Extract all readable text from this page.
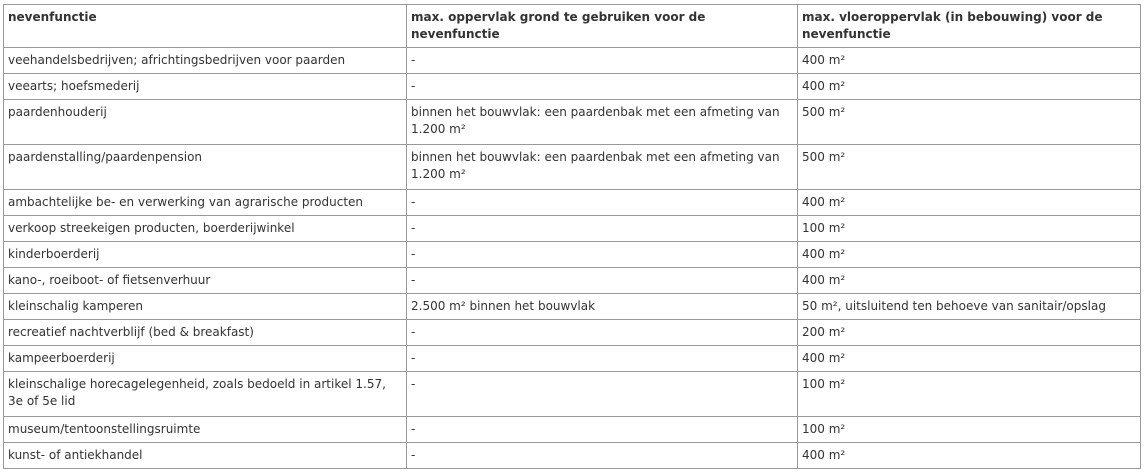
nevenfunctie	max. oppervlak grond te gebruiken voor de nevenfunctie	max. vloeroppervlak (in bebouwing) voor de nevenfunctie
veehandelsbedrijven; africhtingsbedrijven voor paarden	-	400 m²
veearts; hoefsmederij	-	400 m²
paardenhouderij	binnen het bouwvlak: een paardenbak met een afmeting van 1.200 m²	500 m²
paardenstalling/paardenpension	binnen het bouwvlak: een paardenbak met een afmeting van 1.200 m²	500 m²
ambachtelijke be- en verwerking van agrarische producten	-	400 m²
verkoop streekeigen producten, boerderijwinkel	-	100 m²
kinderboerderij	-	400 m²
kano-, roeiboot- of fietsenverhuur	-	400 m²
kleinschalig kamperen	2.500 m² binnen het bouwvlak	50 m², uitsluitend ten behoeve van sanitair/opslag
recreatief nachtverblijf (bed & breakfast)	-	200 m²
kampeerboerderij	-	400 m²
kleinschalige horecagelegenheid, zoals bedoeld in artikel 1.57, 3e of 5e lid	-	100 m²
museum/tentoonstellingsruimte	-	100 m²
kunst- of antiekhandel	-	400 m²
